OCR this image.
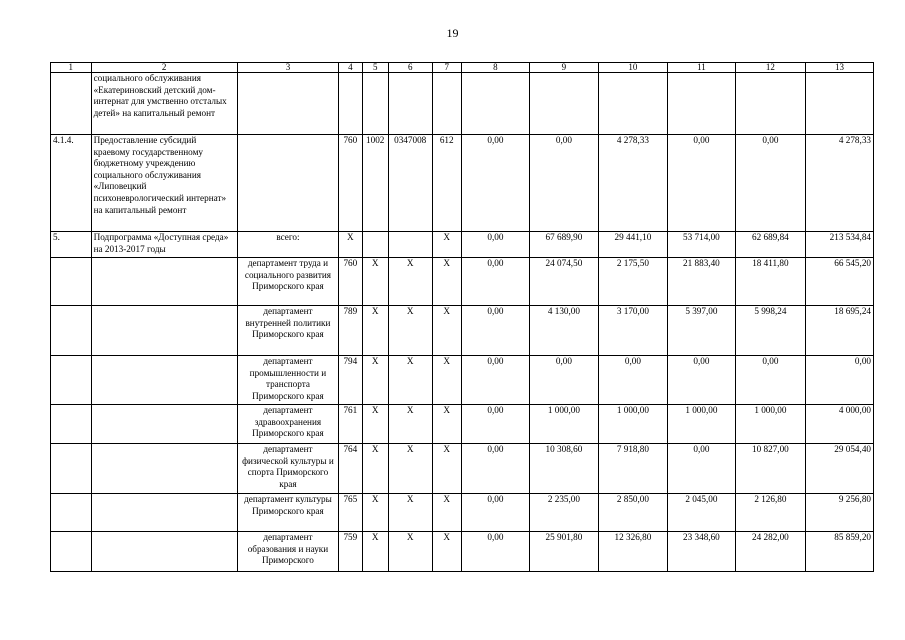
19
1	2	3	4	5	6	7	8	9	10	11	12	13
	социального обслуживания «Екатериновский детский дом-интернат для умственно отсталых детей» на капитальный ремонт											
4.1.4.	Предоставление субсидий краевому государственному бюджетному учреждению социального обслуживания «Липовецкий психоневрологический интернат» на капитальный ремонт		760	1002	0347008	612	0,00	0,00	4 278,33	0,00	0,00	4 278,33
5.	Подпрограмма «Доступная среда» на 2013-2017 годы	всего:	X			X	0,00	67 689,90	29 441,10	53 714,00	62 689,84	213 534,84
		департамент труда и социального развития Приморского края	760	X	X	X	0,00	24 074,50	2 175,50	21 883,40	18 411,80	66 545,20
		департамент внутренней политики Приморского края	789	X	X	X	0,00	4 130,00	3 170,00	5 397,00	5 998,24	18 695,24
		департамент промышленности и транспорта Приморского края	794	X	X	X	0,00	0,00	0,00	0,00	0,00	0,00
		департамент здравоохранения Приморского края	761	X	X	X	0,00	1 000,00	1 000,00	1 000,00	1 000,00	4 000,00
		департамент физической культуры и спорта Приморского края	764	X	X	X	0,00	10 308,60	7 918,80	0,00	10 827,00	29 054,40
		департамент культуры Приморского края	765	X	X	X	0,00	2 235,00	2 850,00	2 045,00	2 126,80	9 256,80
		департамент образования и науки Приморского	759	X	X	X	0,00	25 901,80	12 326,80	23 348,60	24 282,00	85 859,20
